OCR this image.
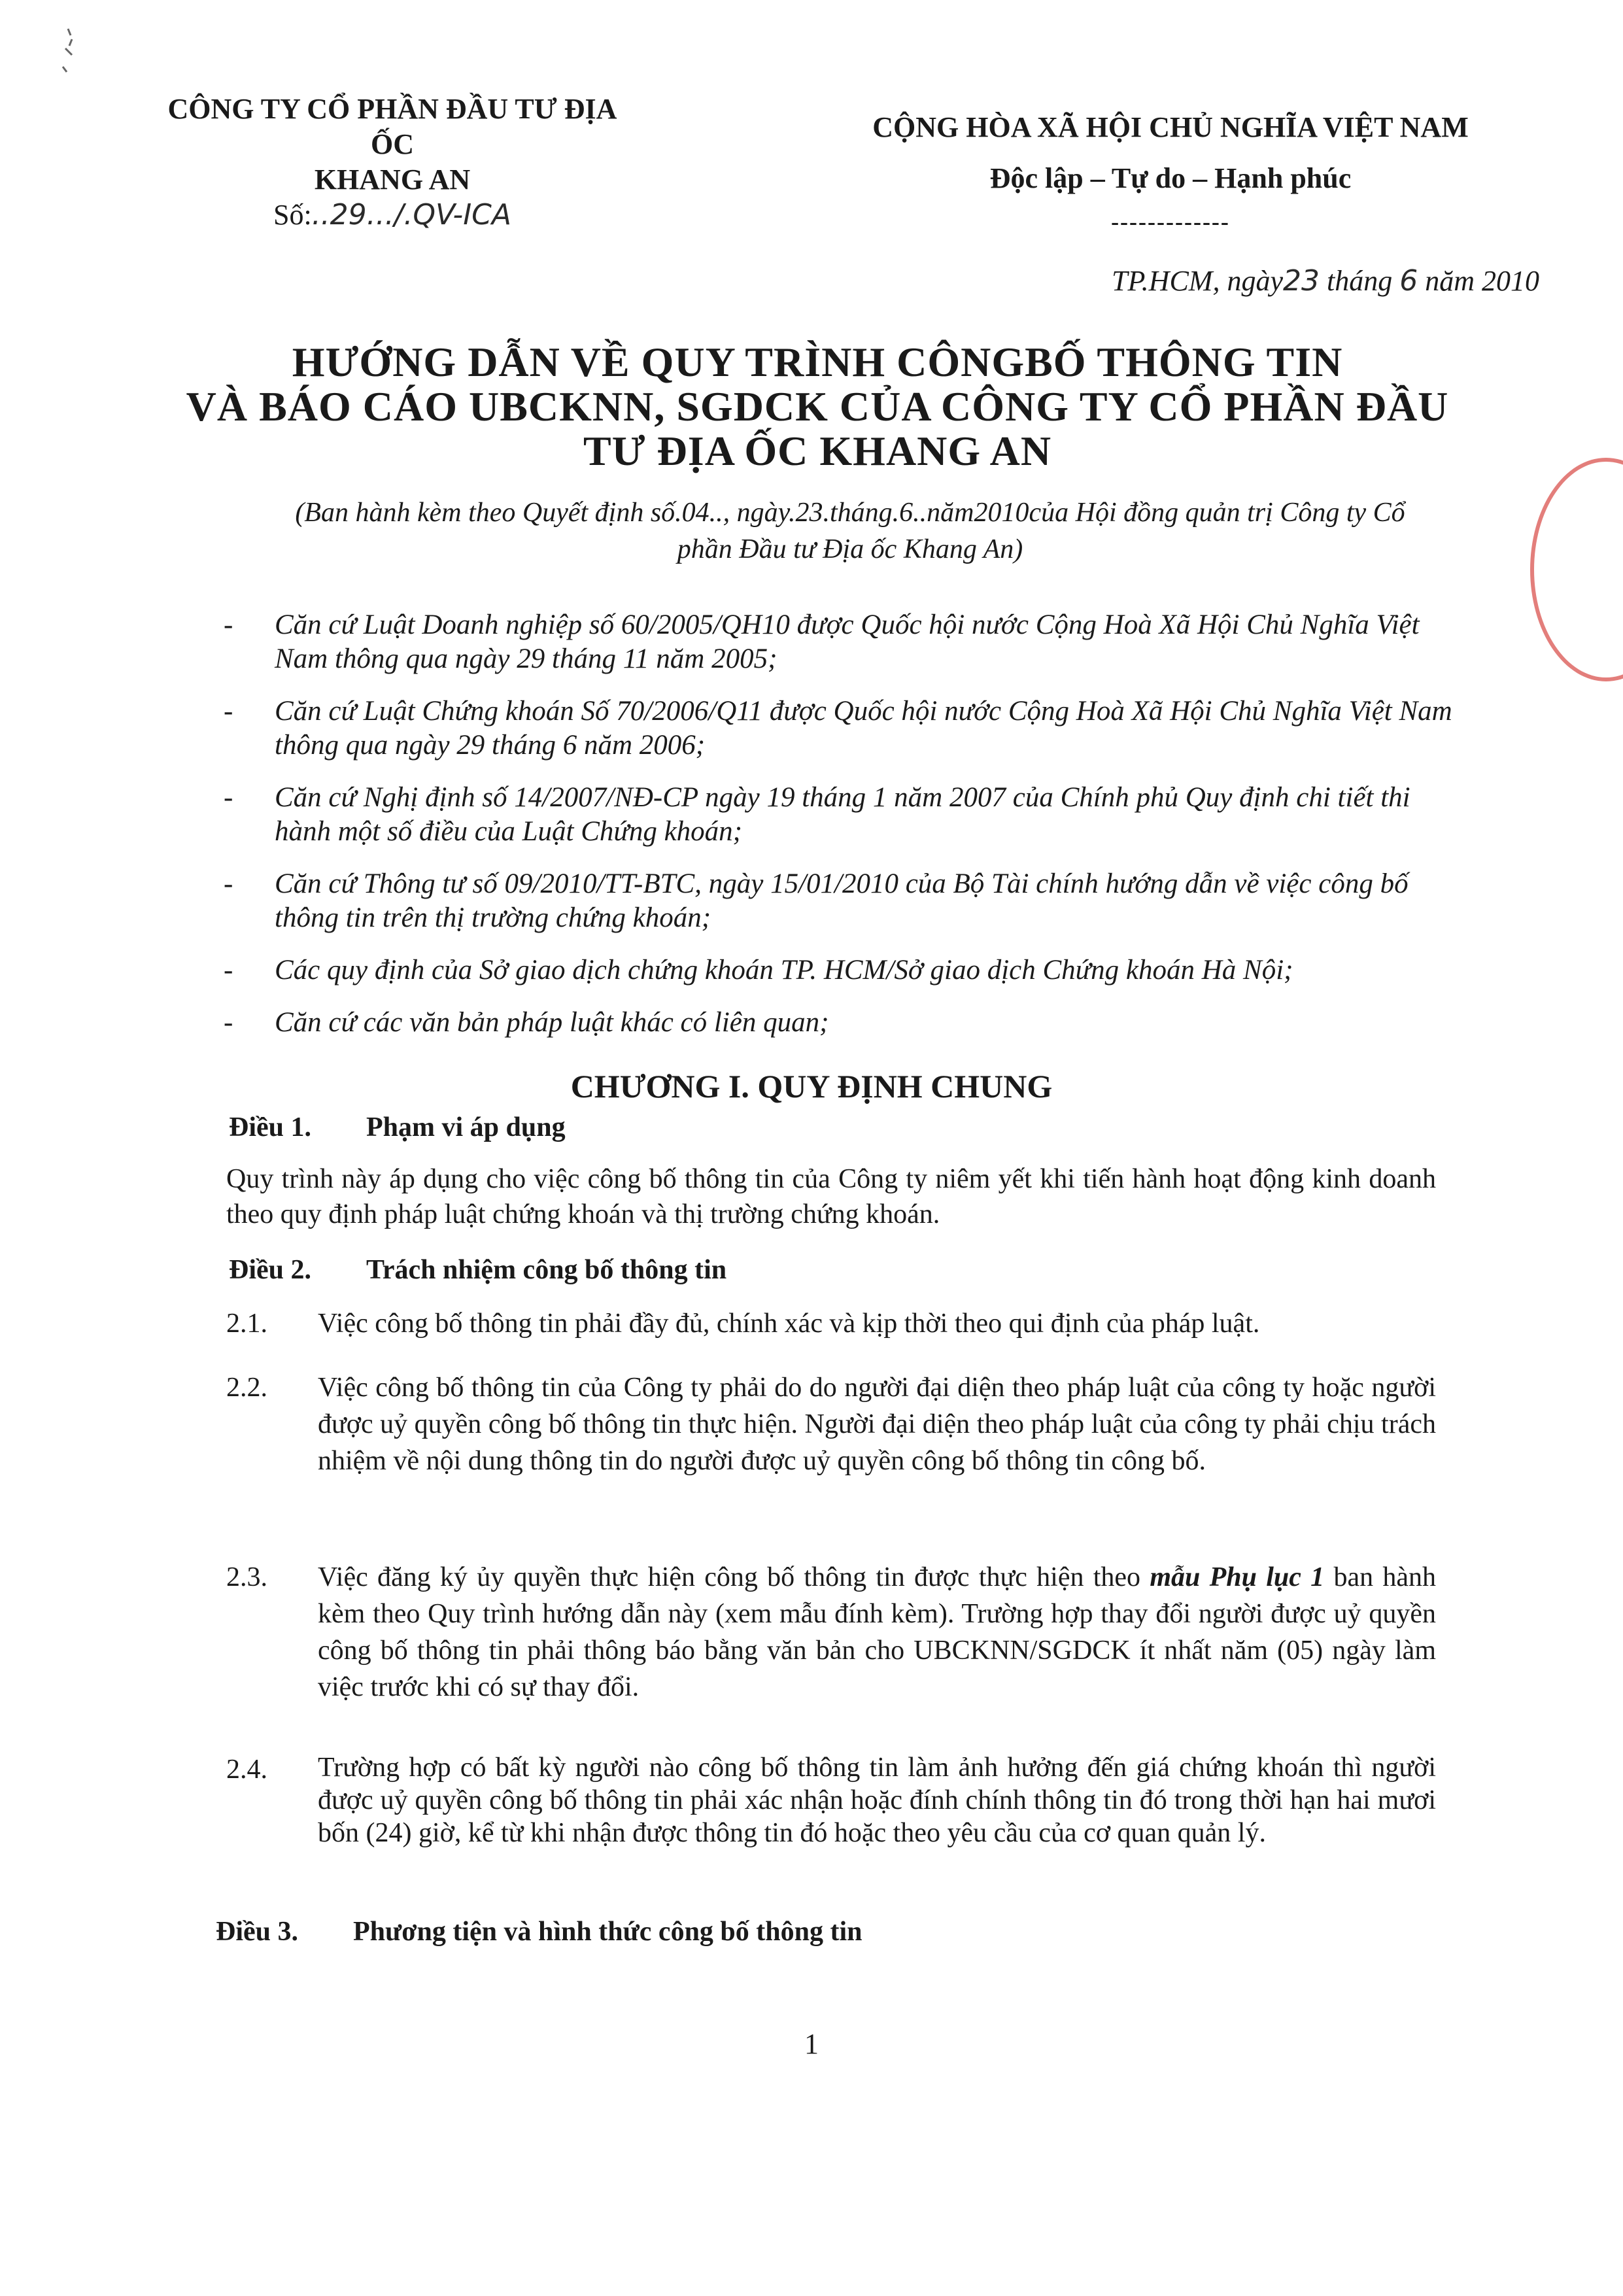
CÔNG TY CỔ PHẦN ĐẦU TƯ ĐỊA ỐC
KHANG AN
Số:..29.../.QV-ICA
CỘNG HÒA XÃ HỘI CHỦ NGHĨA VIỆT NAM
Độc lập – Tự do – Hạnh phúc
-------------
TP.HCM, ngày23 tháng 6 năm 2010
HƯỚNG DẪN VỀ QUY TRÌNH CÔNGBỐ THÔNG TIN
VÀ BÁO CÁO UBCKNN, SGDCK CỦA CÔNG TY CỔ PHẦN ĐẦU
TƯ ĐỊA ỐC KHANG AN
(Ban hành kèm theo Quyết định số.04.., ngày.23.tháng.6..năm2010của Hội đồng quản trị Công ty Cổ
phần Đầu tư Địa ốc Khang An)
- Căn cứ Luật Doanh nghiệp số 60/2005/QH10 được Quốc hội nước Cộng Hoà Xã Hội Chủ Nghĩa Việt Nam thông qua ngày 29 tháng 11 năm 2005;
- Căn cứ Luật Chứng khoán Số 70/2006/Q11 được Quốc hội nước Cộng Hoà Xã Hội Chủ Nghĩa Việt Nam thông qua ngày 29 tháng 6 năm 2006;
- Căn cứ Nghị định số 14/2007/NĐ-CP ngày 19 tháng 1 năm 2007 của Chính phủ Quy định chi tiết thi hành một số điều của Luật Chứng khoán;
- Căn cứ Thông tư số 09/2010/TT-BTC, ngày 15/01/2010 của Bộ Tài chính hướng dẫn về việc công bố thông tin trên thị trường chứng khoán;
- Các quy định của Sở giao dịch chứng khoán TP. HCM/Sở giao dịch Chứng khoán Hà Nội;
- Căn cứ các văn bản pháp luật khác có liên quan;
CHƯƠNG I. QUY ĐỊNH CHUNG
Điều 1. Phạm vi áp dụng
Quy trình này áp dụng cho việc công bố thông tin của Công ty niêm yết khi tiến hành hoạt động kinh doanh theo quy định pháp luật chứng khoán và thị trường chứng khoán.
Điều 2. Trách nhiệm công bố thông tin
2.1.	Việc công bố thông tin phải đầy đủ, chính xác và kịp thời theo qui định của pháp luật.
2.2.	Việc công bố thông tin của Công ty phải do do người đại diện theo pháp luật của công ty hoặc người được uỷ quyền công bố thông tin thực hiện. Người đại diện theo pháp luật của công ty phải chịu trách nhiệm về nội dung thông tin do người được uỷ quyền công bố thông tin công bố.
2.3.	Việc đăng ký ủy quyền thực hiện công bố thông tin được thực hiện theo mẫu Phụ lục 1 ban hành kèm theo Quy trình hướng dẫn này (xem mẫu đính kèm). Trường hợp thay đổi người được uỷ quyền công bố thông tin phải thông báo bằng văn bản cho UBCKNN/SGDCK ít nhất năm (05) ngày làm việc trước khi có sự thay đổi.
2.4.	Trường hợp có bất kỳ người nào công bố thông tin làm ảnh hưởng đến giá chứng khoán thì người được uỷ quyền công bố thông tin phải xác nhận hoặc đính chính thông tin đó trong thời hạn hai mươi bốn (24) giờ, kể từ khi nhận được thông tin đó hoặc theo yêu cầu của cơ quan quản lý.
Điều 3. Phương tiện và hình thức công bố thông tin
1
